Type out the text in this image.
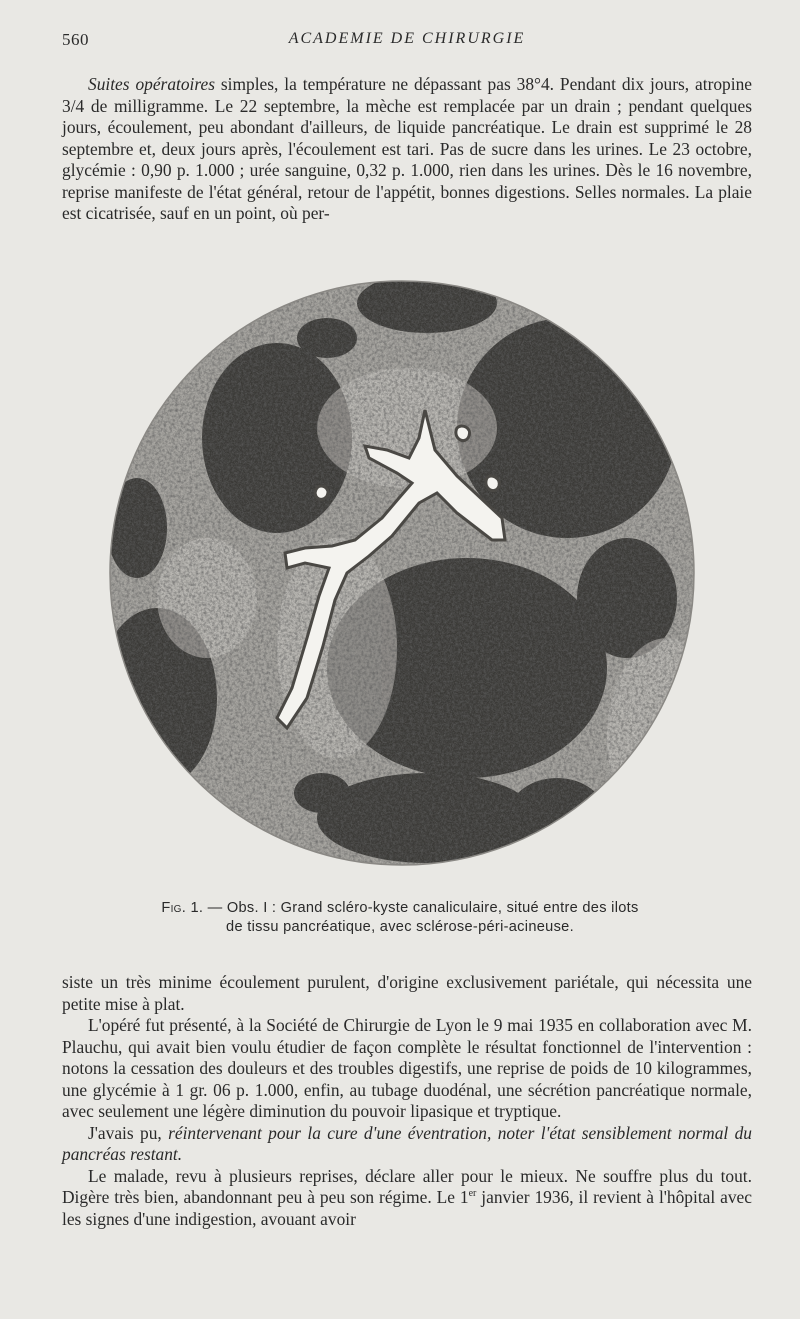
560	ACADEMIE DE CHIRURGIE

Suites opératoires simples, la température ne dépassant pas 38°4. Pendant dix jours, atropine 3/4 de milligramme. Le 22 septembre, la mèche est remplacée par un drain ; pendant quelques jours, écoulement, peu abondant d'ailleurs, de liquide pancréatique. Le drain est supprimé le 28 septembre et, deux jours après, l'écoulement est tari. Pas de sucre dans les urines. Le 23 octobre, glycémie : 0,90 p. 1.000 ; urée sanguine, 0,32 p. 1.000, rien dans les urines. Dès le 16 novembre, reprise manifeste de l'état général, retour de l'appétit, bonnes digestions. Selles normales. La plaie est cicatrisée, sauf en un point, où per-

Fig. 1. — Obs. I : Grand scléro-kyste canaliculaire, situé entre des ilots
de tissu pancréatique, avec sclérose-péri-acineuse.

siste un très minime écoulement purulent, d'origine exclusivement pariétale, qui nécessita une petite mise à plat.

L'opéré fut présenté, à la Société de Chirurgie de Lyon le 9 mai 1935 en collaboration avec M. Plauchu, qui avait bien voulu étudier de façon complète le résultat fonctionnel de l'intervention : notons la cessation des douleurs et des troubles digestifs, une reprise de poids de 10 kilogrammes, une glycémie à 1 gr. 06 p. 1.000, enfin, au tubage duodénal, une sécrétion pancréatique normale, avec seulement une légère diminution du pouvoir lipasique et tryptique.

J'avais pu, réintervenant pour la cure d'une éventration, noter l'état sensiblement normal du pancréas restant.

Le malade, revu à plusieurs reprises, déclare aller pour le mieux. Ne souffre plus du tout. Digère très bien, abandonnant peu à peu son régime. Le 1er janvier 1936, il revient à l'hôpital avec les signes d'une indigestion, avouant avoir
